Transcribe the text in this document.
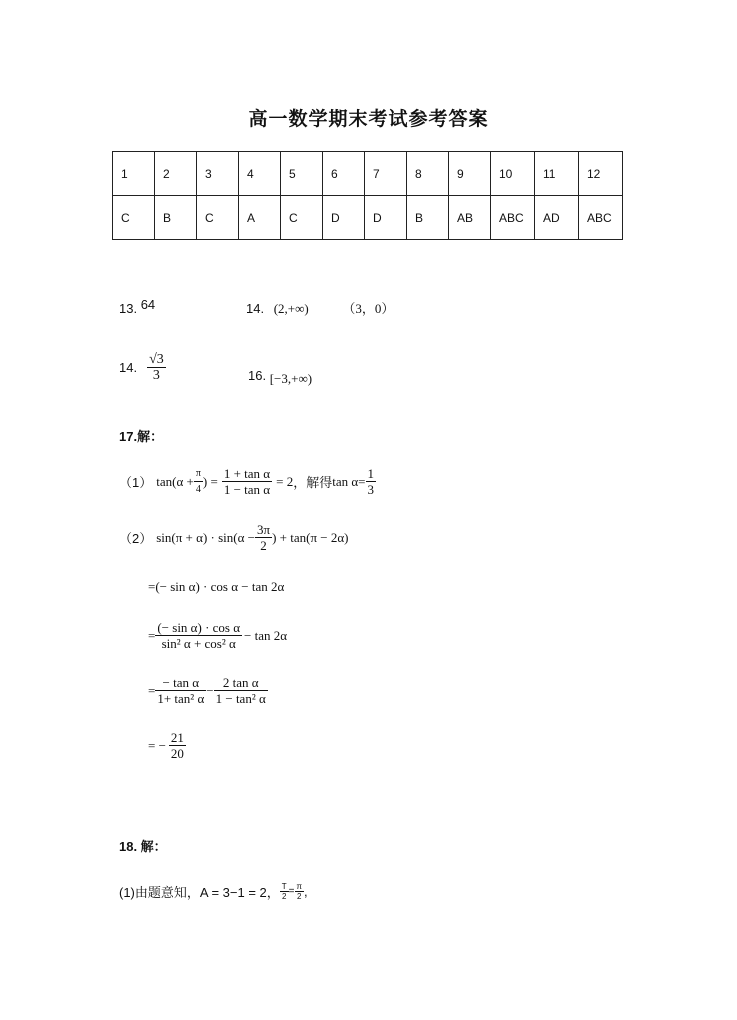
高一数学期末考试参考答案
1	2	3	4	5	6	7	8	9	10	11	12
C	B	C	A	C	D	D	B	AB	ABC	AD	ABC
13. 64	14. (2,+∞)	（3，0）
14. $\frac{√3}{3}$	16. [−3,+∞)
17.解：
（1） $\tan(\alpha + \frac{\pi}{4}$ ) = $\frac{\text{1 + tan α}}{\text{1 − tan α}} = 2$ ，解得 $\tan \alpha= \frac{1}{3}$
（2） $\sin(\pi + \alpha) \cdot \sin(\alpha - \frac{3\pi}{2}$ ) + tan(π − 2α)
=(− sin α) · cos α − tan 2α
= $\frac{\text{(− sin α) · cos α}}{\text{sin² α + cos² α}} - \tan 2\alpha$
= $\frac{\text{− tan α}}{\text{1+ tan² α}} - \frac{\text{2 tan α}}{\text{1 − tan² α}}$
= − $\frac{21}{20}$
18. 解：
(1)由题意知， A = 3−1 = 2， $\frac{T}{2} = \frac{\pi}{2}$ ,
